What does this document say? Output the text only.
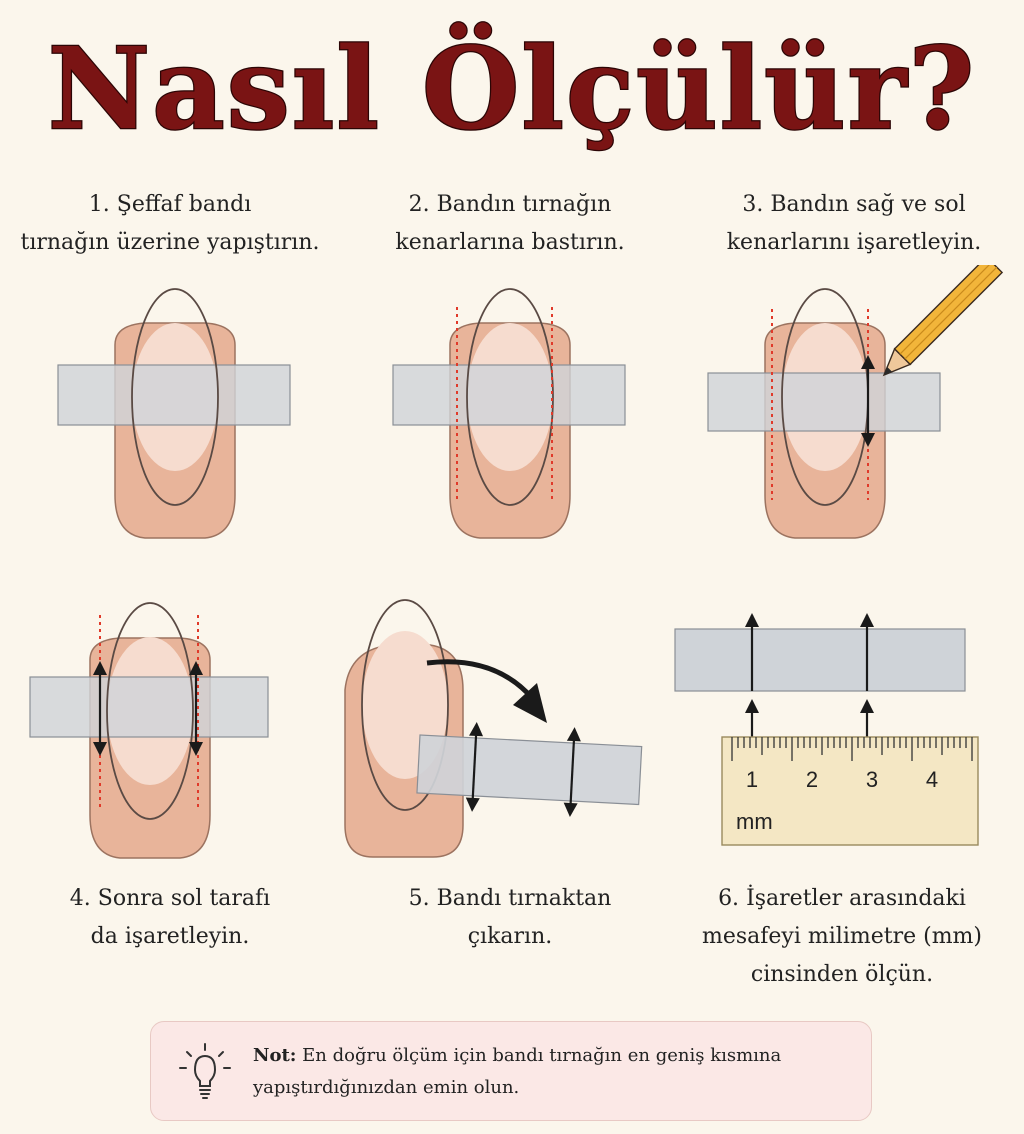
Nasıl Ölçülür?
1. Şeffaf bandı
tırnağın üzerine yapıştırın.
2. Bandın tırnağın
kenarlarına bastırın.
3. Bandın sağ ve sol
kenarlarını işaretleyin.
4. Sonra sol tarafı
da işaretleyin.
5. Bandı tırnaktan
çıkarın.
6. İşaretler arasındaki
mesafeyi milimetre (mm)
cinsinden ölçün.
1 2 3 4
mm
Not: En doğru ölçüm için bandı tırnağın en geniş kısmına yapıştırdığınızdan emin olun.
